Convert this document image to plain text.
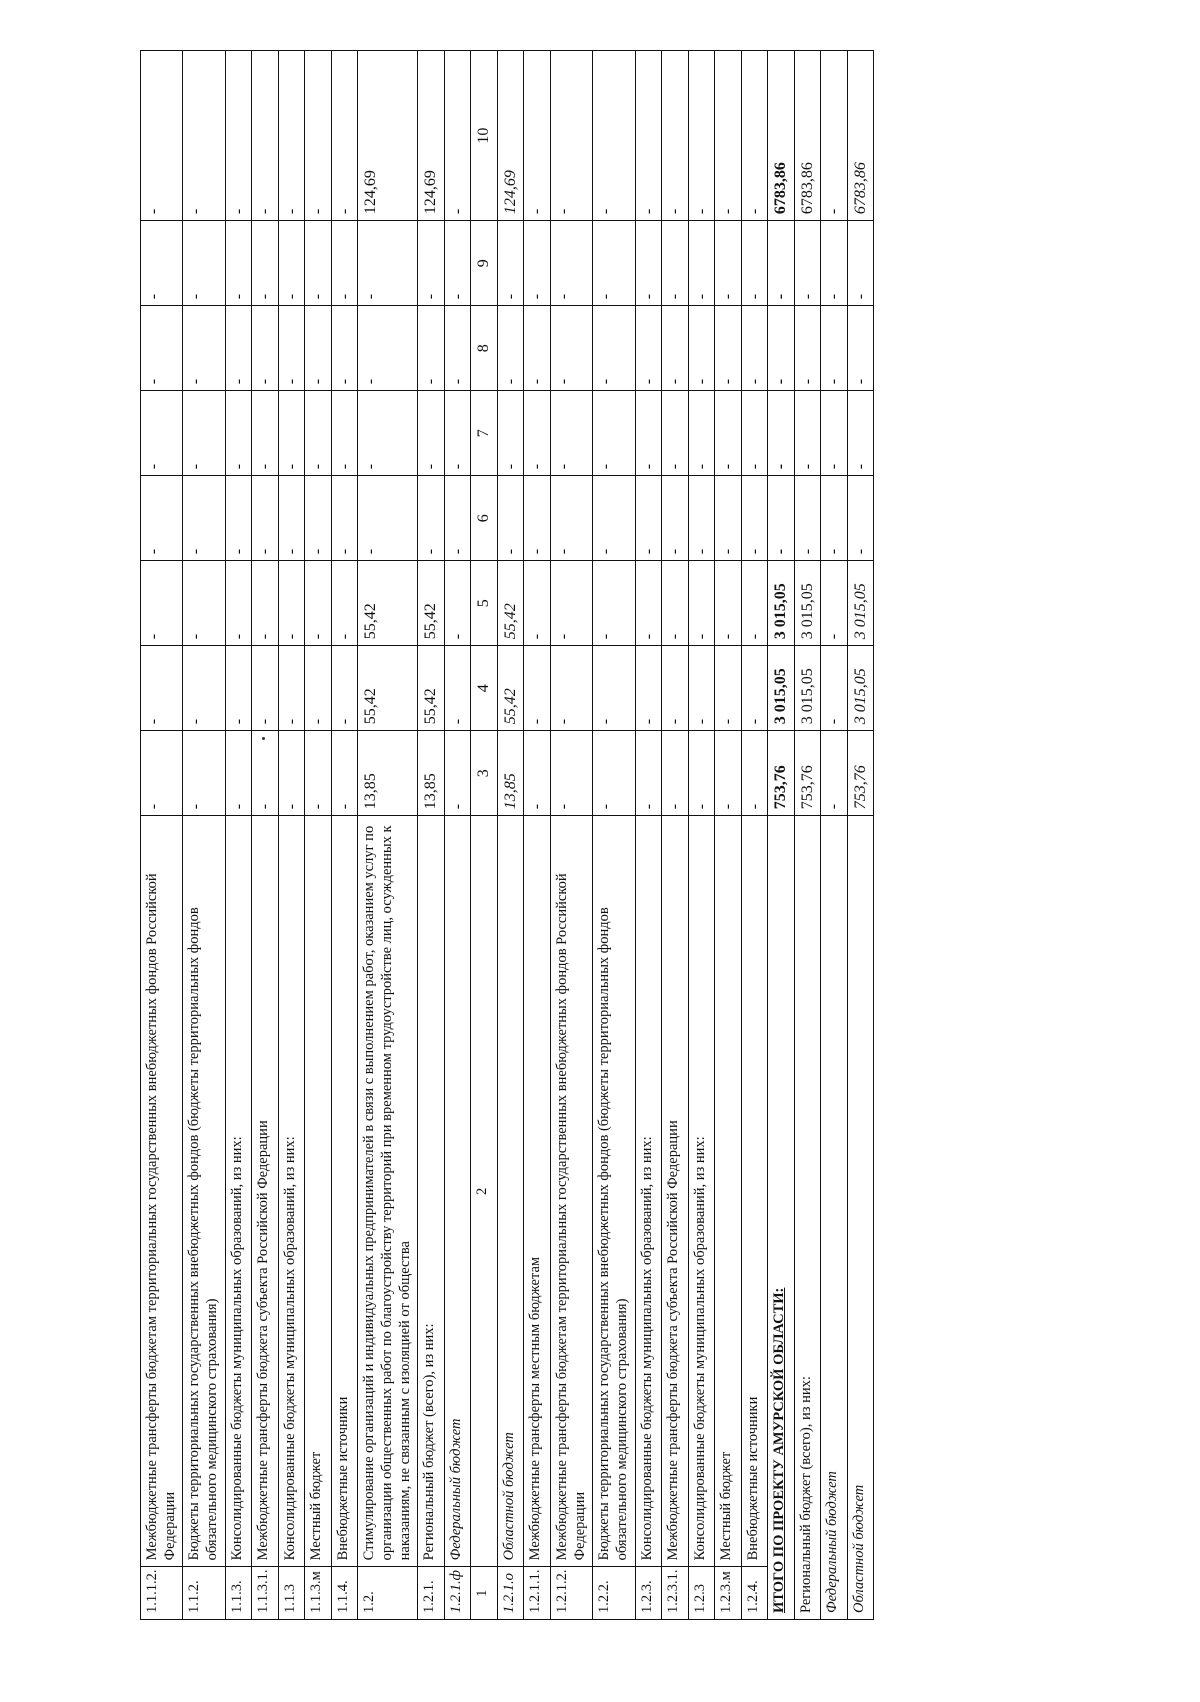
1.1.1.2.	Межбюджетные трансферты бюджетам территориальных государственных внебюджетных фондов Российской Федерации	-	-	-	-	-	-	-	-
1.1.2.	Бюджеты территориальных государственных внебюджетных фондов (бюджеты территориальных фондов обязательного медицинского страхования)	-	-	-	-	-	-	-	-
1.1.3.	Консолидированные бюджеты муниципальных образований, из них:	-	-	-	-	-	-	-	-
1.1.3.1.	Межбюджетные трансферты бюджета субъекта Российской Федерации	-	-	-	-	-	-	-	-
1.1.3	Консолидированные бюджеты муниципальных образований, из них:	-	-	-	-	-	-	-	-
1.1.3.м	Местный бюджет	-	-	-	-	-	-	-	-
1.1.4.	Внебюджетные источники	-	-	-	-	-	-	-	-
1.2.	Стимулирование организаций и индивидуальных предпринимателей в связи с выполнением работ, оказанием услуг по организации общественных работ по благоустройству территорий при временном трудоустройстве лиц, осужденных к наказаниям, не связанным с изоляцией от общества	13,85	55,42	55,42	-	-	-	-	124,69
1.2.1.	Региональный бюджет (всего), из них:	13,85	55,42	55,42	-	-	-	-	124,69
1.2.1.ф	Федеральный бюджет	-	-	-	-	-	-	-	-
1	2	3	4	5	6	7	8	9	10
1.2.1.о	Областной бюджет	13,85	55,42	55,42	-	-	-	-	124,69
1.2.1.1.	Межбюджетные трансферты местным бюджетам	-	-	-	-	-	-	-	-
1.2.1.2.	Межбюджетные трансферты бюджетам территориальных государственных внебюджетных фондов Российской Федерации	-	-	-	-	-	-	-	-
1.2.2.	Бюджеты территориальных государственных внебюджетных фондов (бюджеты территориальных фондов обязательного медицинского страхования)	-	-	-	-	-	-	-	-
1.2.3.	Консолидированные бюджеты муниципальных образований, из них:	-	-	-	-	-	-	-	-
1.2.3.1.	Межбюджетные трансферты бюджета субъекта Российской Федерации	-	-	-	-	-	-	-	-
1.2.3	Консолидированные бюджеты муниципальных образований, из них:	-	-	-	-	-	-	-	-
1.2.3.м	Местный бюджет	-	-	-	-	-	-	-	-
1.2.4.	Внебюджетные источники	-	-	-	-	-	-	-	-
ИТОГО ПО ПРОЕКТУ АМУРСКОЙ ОБЛАСТИ:		753,76	3 015,05	3 015,05	-	-	-	-	6783,86
Региональный бюджет (всего), из них:		753,76	3 015,05	3 015,05	-	-	-	-	6783,86
Федеральный бюджет		-	-	-	-	-	-	-	-
Областной бюджет		753,76	3 015,05	3 015,05	-	-	-	-	6783,86
